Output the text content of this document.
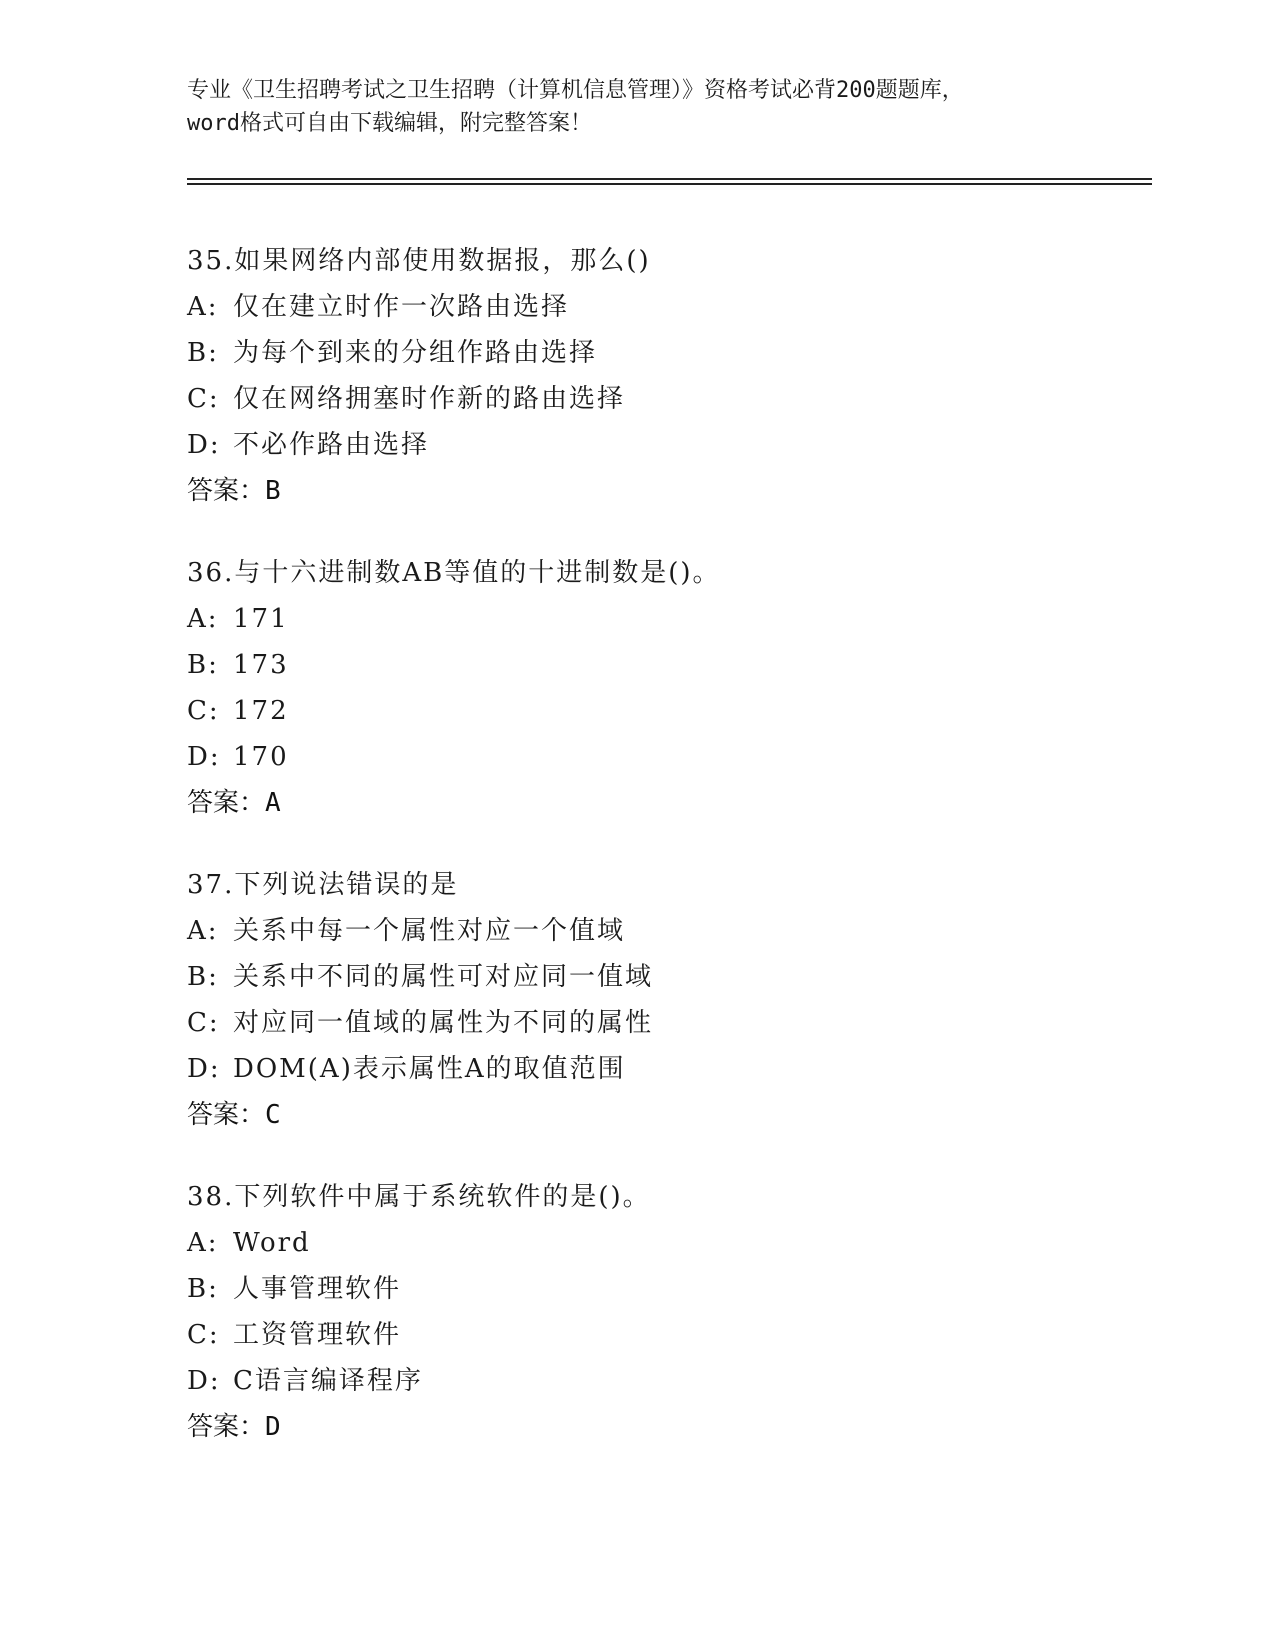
专业《卫生招聘考试之卫生招聘（计算机信息管理）》资格考试必背200题题库，
word格式可自由下载编辑，附完整答案！
35.如果网络内部使用数据报，那么()
A: 仅在建立时作一次路由选择
B: 为每个到来的分组作路由选择
C: 仅在网络拥塞时作新的路由选择
D: 不必作路由选择
答案：B
36.与十六进制数AB等值的十进制数是()。
A: 171
B: 173
C: 172
D: 170
答案：A
37.下列说法错误的是
A: 关系中每一个属性对应一个值域
B: 关系中不同的属性可对应同一值域
C: 对应同一值域的属性为不同的属性
D: DOM(A)表示属性A的取值范围
答案：C
38.下列软件中属于系统软件的是()。
A: Word
B: 人事管理软件
C: 工资管理软件
D: C语言编译程序
答案：D
